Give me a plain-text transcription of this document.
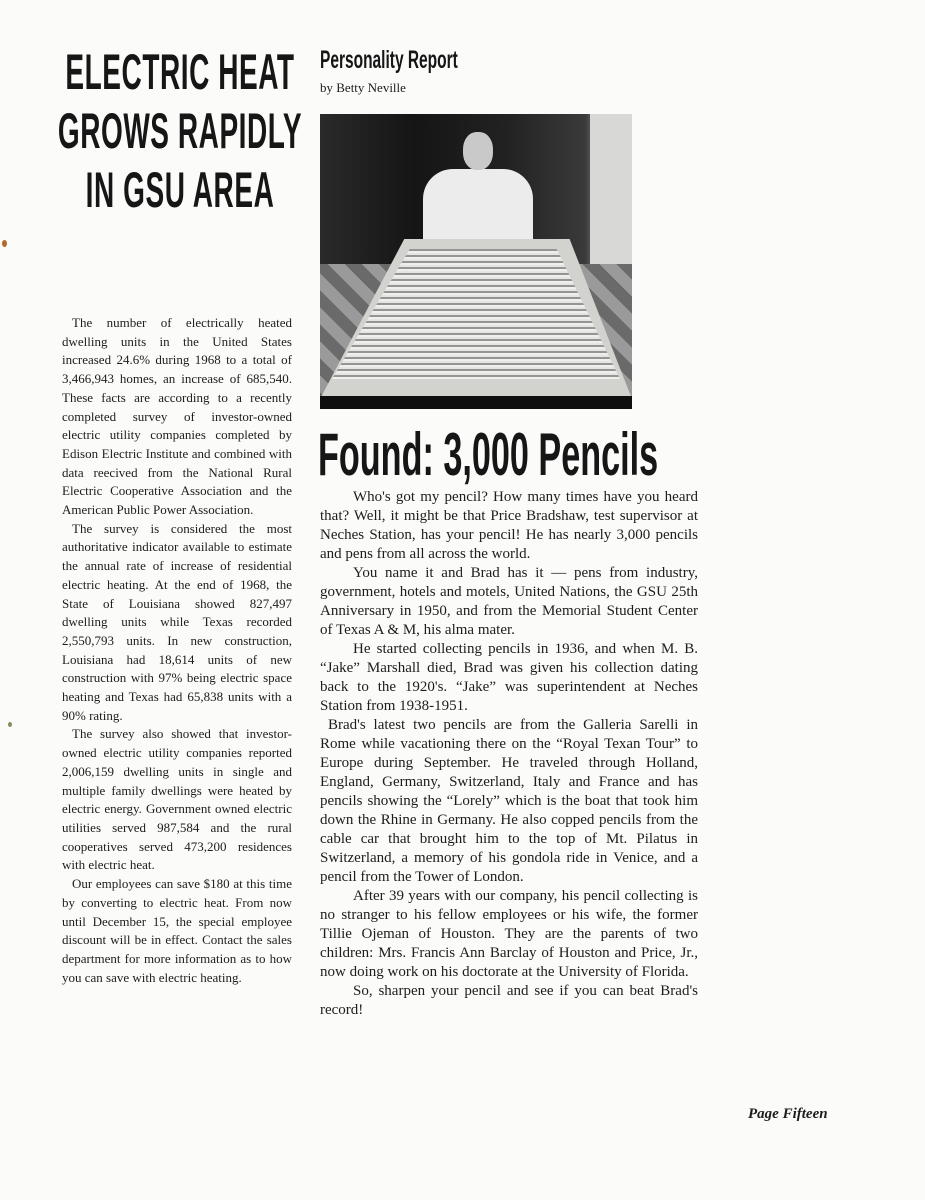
ELECTRIC HEAT
GROWS RAPIDLY
IN GSU AREA

The number of electrically heated dwelling units in the United States increased 24.6% during 1968 to a total of 3,466,943 homes, an increase of 685,540. These facts are according to a recently completed survey of investor-owned electric utility companies completed by Edison Electric Institute and combined with data reecived from the National Rural Electric Cooperative Association and the American Public Power Association.

The survey is considered the most authoritative indicator available to estimate the annual rate of increase of residential electric heating. At the end of 1968, the State of Louisiana showed 827,497 dwelling units while Texas recorded 2,550,793 units. In new construction, Louisiana had 18,614 units of new construction with 97% being electric space heating and Texas had 65,838 units with a 90% rating.

The survey also showed that investor-owned electric utility companies reported 2,006,159 dwelling units in single and multiple family dwellings were heated by electric energy. Government owned electric utilities served 987,584 and the rural cooperatives served 473,200 residences with electric heat.

Our employees can save $180 at this time by converting to electric heat. From now until December 15, the special employee discount will be in effect. Contact the sales department for more information as to how you can save with electric heating.

Personality Report
by Betty Neville
Found: 3,000 Pencils

Who's got my pencil? How many times have you heard that? Well, it might be that Price Bradshaw, test supervisor at Neches Station, has your pencil! He has nearly 3,000 pencils and pens from all across the world.

You name it and Brad has it — pens from industry, government, hotels and motels, United Nations, the GSU 25th Anniversary in 1950, and from the Memorial Student Center of Texas A & M, his alma mater.

He started collecting pencils in 1936, and when M. B. “Jake” Marshall died, Brad was given his collection dating back to the 1920's. “Jake” was superintendent at Neches Station from 1938-1951.

Brad's latest two pencils are from the Galleria Sarelli in Rome while vacationing there on the “Royal Texan Tour” to Europe during September. He traveled through Holland, England, Germany, Switzerland, Italy and France and has pencils showing the “Lorely” which is the boat that took him down the Rhine in Germany. He also copped pencils from the cable car that brought him to the top of Mt. Pilatus in Switzerland, a memory of his gondola ride in Venice, and a pencil from the Tower of London.

After 39 years with our company, his pencil collecting is no stranger to his fellow employees or his wife, the former Tillie Ojeman of Houston. They are the parents of two children: Mrs. Francis Ann Barclay of Houston and Price, Jr., now doing work on his doctorate at the University of Florida.

So, sharpen your pencil and see if you can beat Brad's record!

Page Fifteen
